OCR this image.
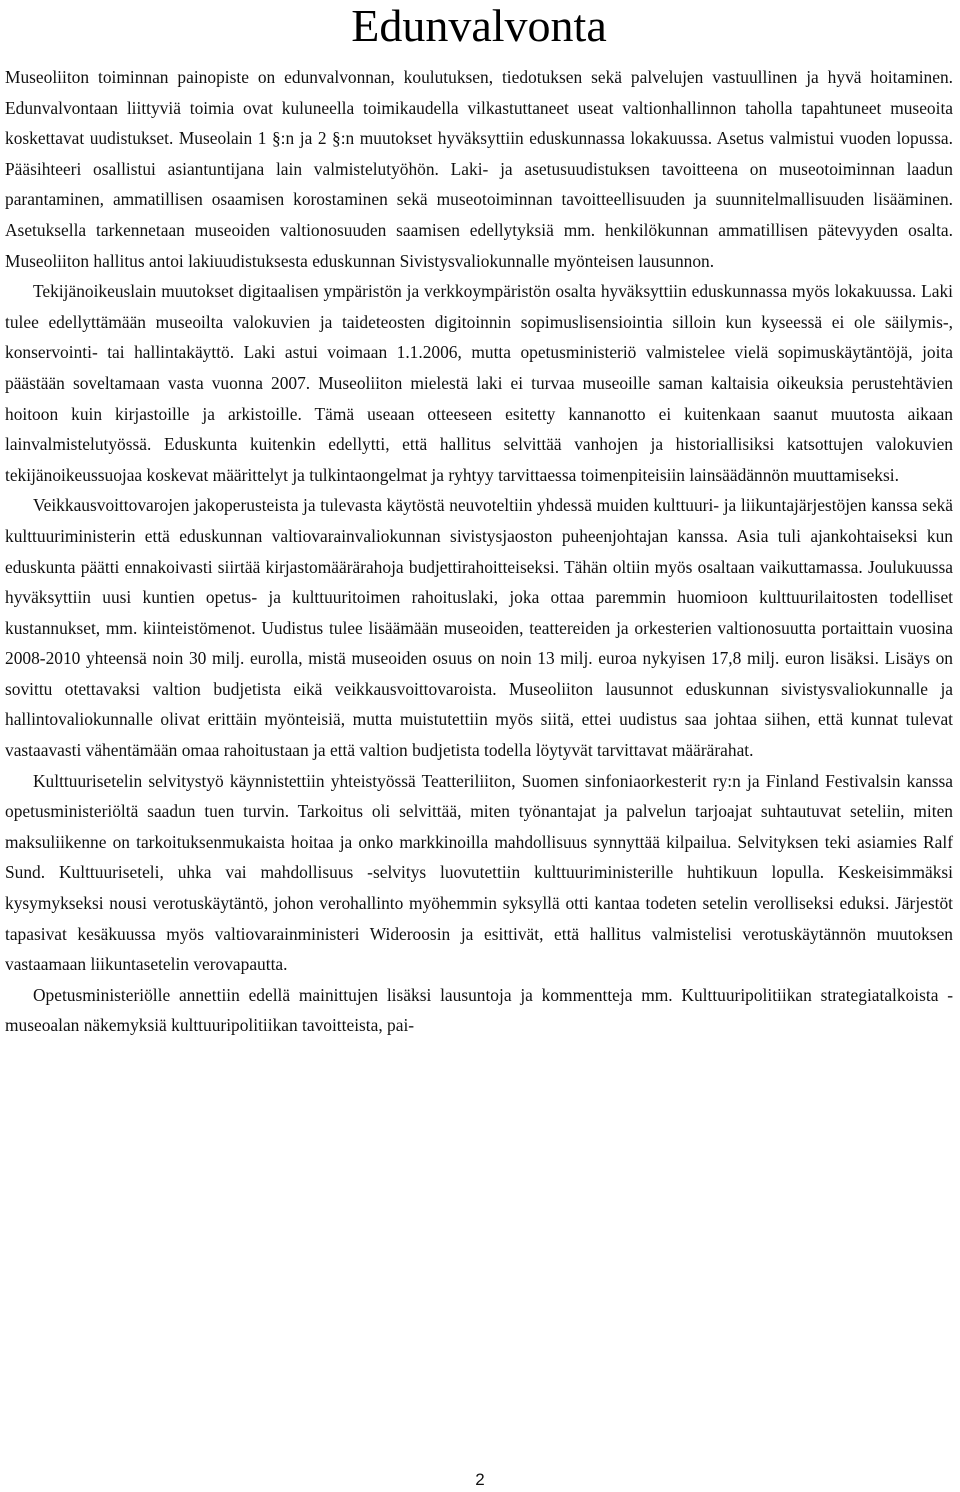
Edunvalvonta

Museoliiton toiminnan painopiste on edunvalvonnan, koulutuksen, tiedotuksen sekä palvelujen vastuullinen ja hyvä hoitaminen. Edunvalvontaan liittyviä toimia ovat kuluneella toimikaudella vilkastuttaneet useat valtionhallinnon taholla tapahtuneet museoita koskettavat uudistukset. Museolain 1 §:n ja 2 §:n muutokset hyväksyttiin eduskunnassa lokakuussa. Asetus valmistui vuoden lopussa. Pääsihteeri osallistui asiantuntijana lain valmistelutyöhön. Laki- ja asetusuudistuksen tavoitteena on museotoiminnan laadun parantaminen, ammatillisen osaamisen korostaminen sekä museotoiminnan tavoitteellisuuden ja suunnitelmallisuuden lisääminen. Asetuksella tarkennetaan museoiden valtionosuuden saamisen edellytyksiä mm. henkilökunnan ammatillisen pätevyyden osalta. Museoliiton hallitus antoi lakiuudistuksesta eduskunnan Sivistysvaliokunnalle myönteisen lausunnon.

Tekijänoikeuslain muutokset digitaalisen ympäristön ja verkkoympäristön osalta hyväksyttiin eduskunnassa myös lokakuussa. Laki tulee edellyttämään museoilta valokuvien ja taideteosten digitoinnin sopimuslisensiointia silloin kun kyseessä ei ole säilymis-, konservointi- tai hallintakäyttö. Laki astui voimaan 1.1.2006, mutta opetusministeriö valmistelee vielä sopimuskäytäntöjä, joita päästään soveltamaan vasta vuonna 2007. Museoliiton mielestä laki ei turvaa museoille saman kaltaisia oikeuksia perustehtävien hoitoon kuin kirjastoille ja arkistoille. Tämä useaan otteeseen esitetty kannanotto ei kuitenkaan saanut muutosta aikaan lainvalmistelutyössä. Eduskunta kuitenkin edellytti, että hallitus selvittää vanhojen ja historiallisiksi katsottujen valokuvien tekijänoikeussuojaa koskevat määrittelyt ja tulkintaongelmat ja ryhtyy tarvittaessa toimenpiteisiin lainsäädännön muuttamiseksi.

Veikkausvoittovarojen jakoperusteista ja tulevasta käytöstä neuvoteltiin yhdessä muiden kulttuuri- ja liikuntajärjestöjen kanssa sekä kulttuuriministerin että eduskunnan valtiovarainvaliokunnan sivistysjaoston puheenjohtajan kanssa. Asia tuli ajankohtaiseksi kun eduskunta päätti ennakoivasti siirtää kirjastomäärärahoja budjettirahoitteiseksi. Tähän oltiin myös osaltaan vaikuttamassa. Joulukuussa hyväksyttiin uusi kuntien opetus- ja kulttuuritoimen rahoituslaki, joka ottaa paremmin huomioon kulttuurilaitosten todelliset kustannukset, mm. kiinteistömenot. Uudistus tulee lisäämään museoiden, teattereiden ja orkesterien valtionosuutta portaittain vuosina 2008-2010 yhteensä noin 30 milj. eurolla, mistä museoiden osuus on noin 13 milj. euroa nykyisen 17,8 milj. euron lisäksi. Lisäys on sovittu otettavaksi valtion budjetista eikä veikkausvoittovaroista. Museoliiton lausunnot eduskunnan sivistysvaliokunnalle ja hallintovaliokunnalle olivat erittäin myönteisiä, mutta muistutettiin myös siitä, ettei uudistus saa johtaa siihen, että kunnat tulevat vastaavasti vähentämään omaa rahoitustaan ja että valtion budjetista todella löytyvät tarvittavat määrärahat.

Kulttuurisetelin selvitystyö käynnistettiin yhteistyössä Teatteriliiton, Suomen sinfoniaorkesterit ry:n ja Finland Festivalsin kanssa opetusministeriöltä saadun tuen turvin. Tarkoitus oli selvittää, miten työnantajat ja palvelun tarjoajat suhtautuvat seteliin, miten maksuliikenne on tarkoituksenmukaista hoitaa ja onko markkinoilla mahdollisuus synnyttää kilpailua. Selvityksen teki asiamies Ralf Sund. Kulttuuriseteli, uhka vai mahdollisuus -selvitys luovutettiin kulttuuriministerille huhtikuun lopulla. Keskeisimmäksi kysymykseksi nousi verotuskäytäntö, johon verohallinto myöhemmin syksyllä otti kantaa todeten setelin verolliseksi eduksi. Järjestöt tapasivat kesäkuussa myös valtiovarainministeri Wideroosin ja esittivät, että hallitus valmistelisi verotuskäytännön muutoksen vastaamaan liikuntasetelin verovapautta.

Opetusministeriölle annettiin edellä mainittujen lisäksi lausuntoja ja kommentteja mm. Kulttuuripolitiikan strategiatalkoista - museoalan näkemyksiä kulttuuripolitiikan tavoitteista, pai-

2
